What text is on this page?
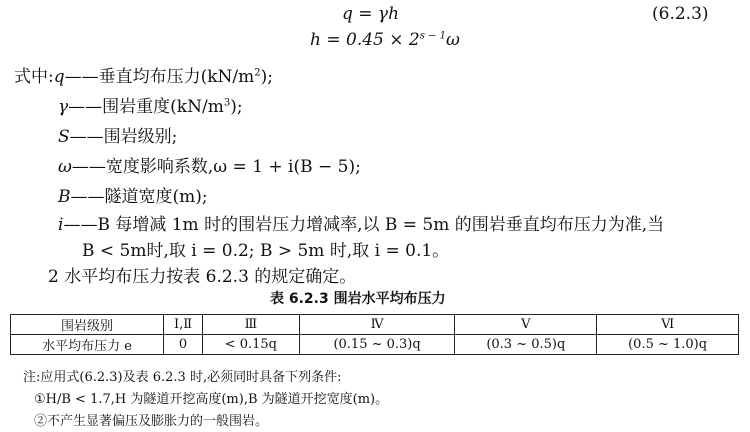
q = γh	(6.2.3)
$h = 0.45 \times 2^{s - 1}\omega$
式中:q——垂直均布压力$(kN/m^2)$;
γ——围岩重度$(kN/m^3)$;
S——围岩级别;
ω——宽度影响系数,ω = 1 + i(B − 5);
B——隧道宽度(m);
i——B 每增减 1m 时的围岩压力增减率,以 B = 5m 的围岩垂直均布压力为准,当
B < 5m时,取 i = 0.2; B > 5m 时,取 i = 0.1。
2 水平均布压力按表 6.2.3 的规定确定。
表 6.2.3 围岩水平均布压力
围岩级别	Ⅰ,Ⅱ	Ⅲ	Ⅳ	Ⅴ	Ⅵ
水平均布压力 e	0	< 0.15q	(0.15 ~ 0.3)q	(0.3 ~ 0.5)q	(0.5 ~ 1.0)q
注:应用式(6.2.3)及表 6.2.3 时,必须同时具备下列条件:
①H/B < 1.7,H 为隧道开挖高度(m),B 为隧道开挖宽度(m)。
②不产生显著偏压及膨胀力的一般围岩。
